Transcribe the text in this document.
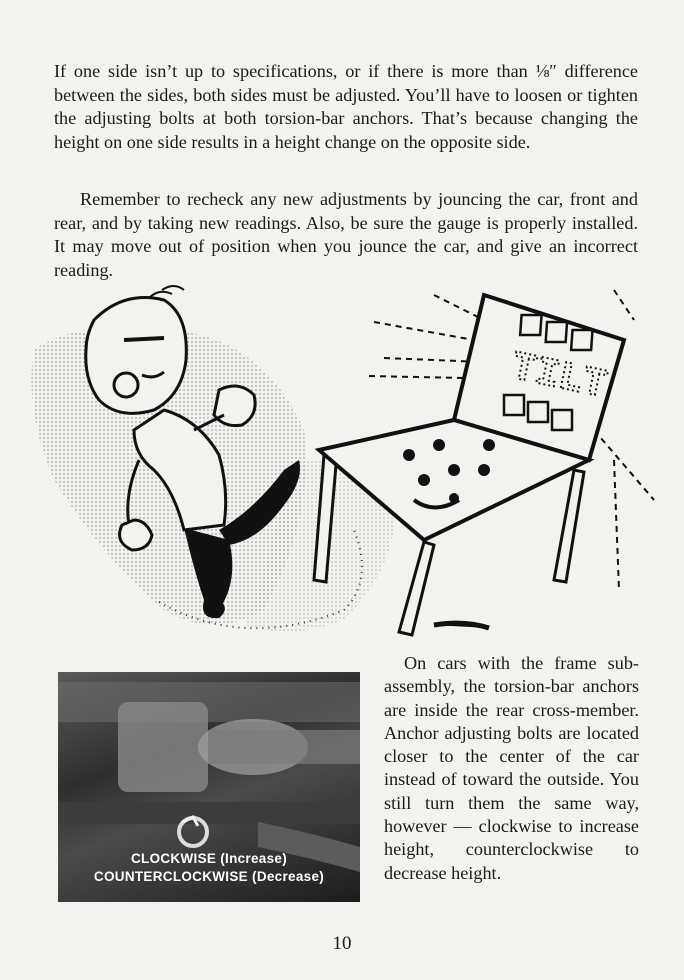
If one side isn’t up to specifications, or if there is more than ⅛″ difference between the sides, both sides must be adjusted. You’ll have to loosen or tighten the adjusting bolts at both torsion-bar anchors. That’s because changing the height on one side results in a height change on the opposite side.

Remember to recheck any new adjustments by jouncing the car, front and rear, and by taking new readings. Also, be sure the gauge is properly installed. It may move out of position when you jounce the car, and give an incorrect reading.

TILT
CLOCKWISE (Increase)
COUNTERCLOCKWISE (Decrease)

On cars with the frame sub-assembly, the torsion-bar anchors are inside the rear cross-member. Anchor adjusting bolts are located closer to the center of the car instead of toward the outside. You still turn them the same way, however — clockwise to increase height, counterclockwise to decrease height.

10
